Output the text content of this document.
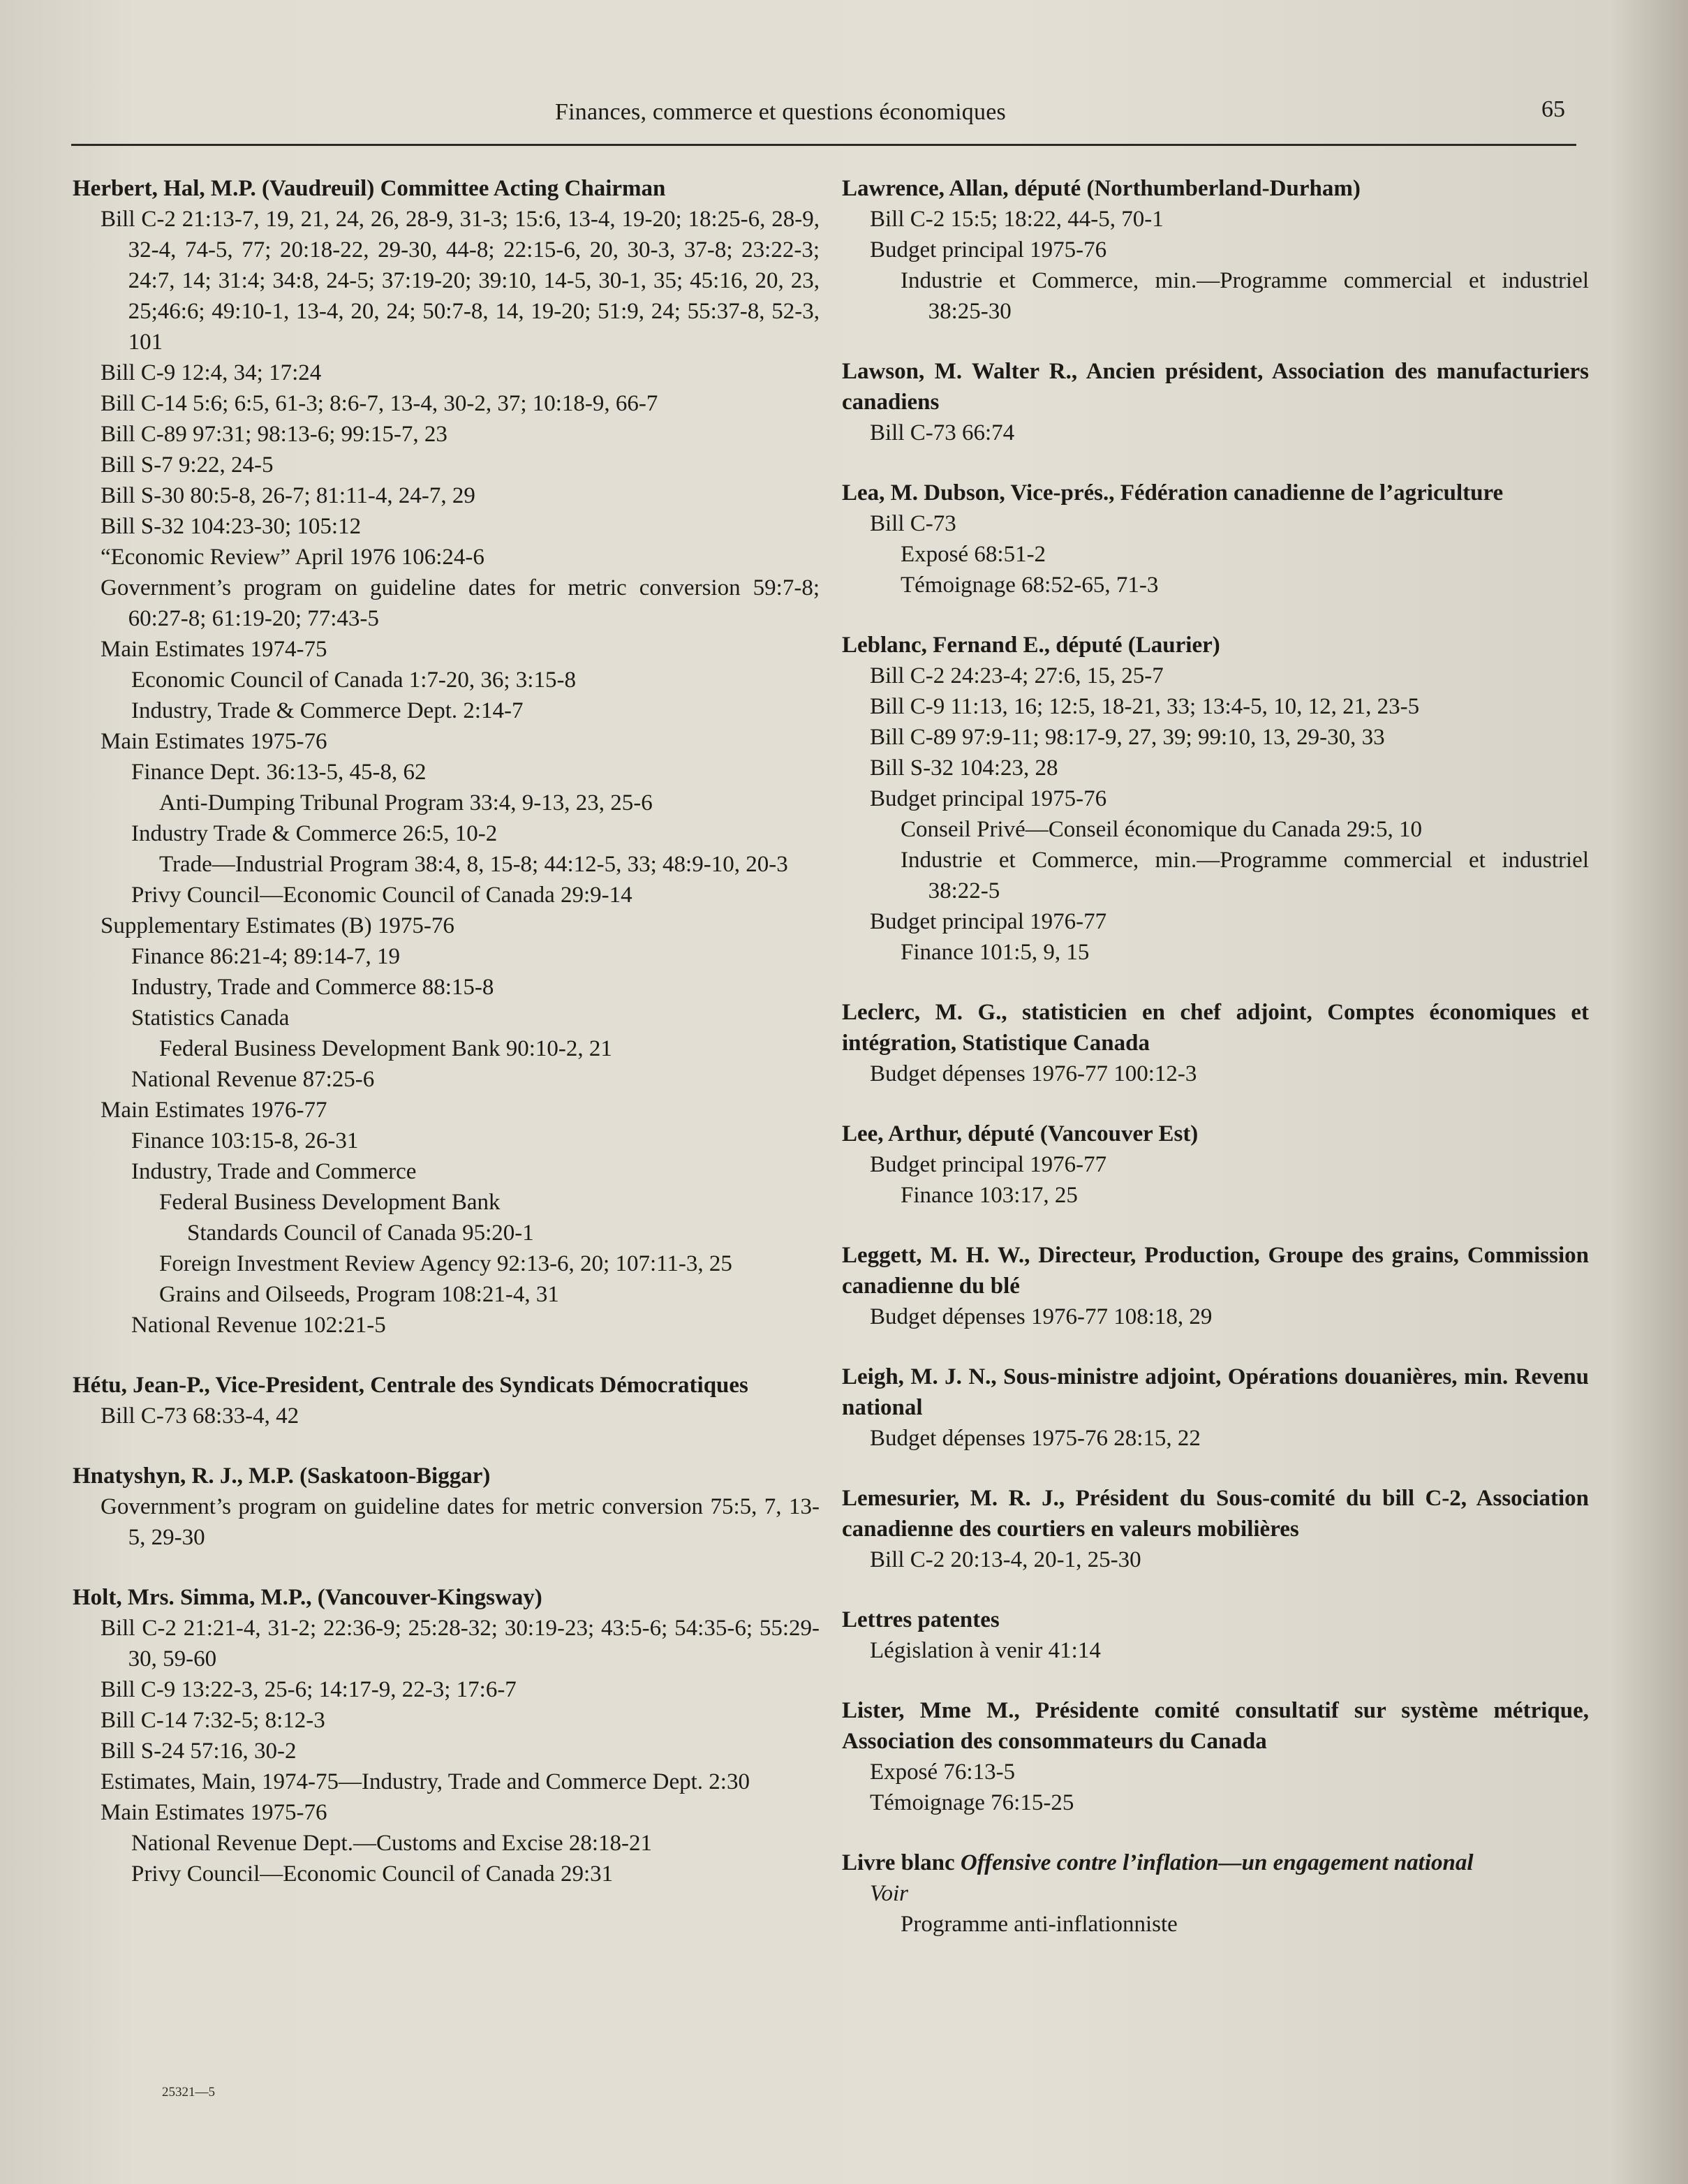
Finances, commerce et questions économiques	65
Herbert, Hal, M.P. (Vaudreuil) Committee Acting Chairman
Bill C-2 21:13-7, 19, 21, 24, 26, 28-9, 31-3; 15:6, 13-4, 19-20; 18:25-6, 28-9, 32-4, 74-5, 77; 20:18-22, 29-30, 44-8; 22:15-6, 20, 30-3, 37-8; 23:22-3; 24:7, 14; 31:4; 34:8, 24-5; 37:19-20; 39:10, 14-5, 30-1, 35; 45:16, 20, 23, 25;46:6; 49:10-1, 13-4, 20, 24; 50:7-8, 14, 19-20; 51:9, 24; 55:37-8, 52-3, 101
Bill C-9 12:4, 34; 17:24
Bill C-14 5:6; 6:5, 61-3; 8:6-7, 13-4, 30-2, 37; 10:18-9, 66-7
Bill C-89 97:31; 98:13-6; 99:15-7, 23
Bill S-7 9:22, 24-5
Bill S-30 80:5-8, 26-7; 81:11-4, 24-7, 29
Bill S-32 104:23-30; 105:12
“Economic Review” April 1976 106:24-6
Government’s program on guideline dates for metric conversion 59:7-8; 60:27-8; 61:19-20; 77:43-5
Main Estimates 1974-75
Economic Council of Canada 1:7-20, 36; 3:15-8
Industry, Trade & Commerce Dept. 2:14-7
Main Estimates 1975-76
Finance Dept. 36:13-5, 45-8, 62
Anti-Dumping Tribunal Program 33:4, 9-13, 23, 25-6
Industry Trade & Commerce 26:5, 10-2
Trade—Industrial Program 38:4, 8, 15-8; 44:12-5, 33; 48:9-10, 20-3
Privy Council—Economic Council of Canada 29:9-14
Supplementary Estimates (B) 1975-76
Finance 86:21-4; 89:14-7, 19
Industry, Trade and Commerce 88:15-8
Statistics Canada
Federal Business Development Bank 90:10-2, 21
National Revenue 87:25-6
Main Estimates 1976-77
Finance 103:15-8, 26-31
Industry, Trade and Commerce
Federal Business Development Bank
Standards Council of Canada 95:20-1
Foreign Investment Review Agency 92:13-6, 20; 107:11-3, 25
Grains and Oilseeds, Program 108:21-4, 31
National Revenue 102:21-5
Hétu, Jean-P., Vice-President, Centrale des Syndicats Démocratiques
Bill C-73 68:33-4, 42
Hnatyshyn, R. J., M.P. (Saskatoon-Biggar)
Government’s program on guideline dates for metric conversion 75:5, 7, 13-5, 29-30
Holt, Mrs. Simma, M.P., (Vancouver-Kingsway)
Bill C-2 21:21-4, 31-2; 22:36-9; 25:28-32; 30:19-23; 43:5-6; 54:35-6; 55:29-30, 59-60
Bill C-9 13:22-3, 25-6; 14:17-9, 22-3; 17:6-7
Bill C-14 7:32-5; 8:12-3
Bill S-24 57:16, 30-2
Estimates, Main, 1974-75—Industry, Trade and Commerce Dept. 2:30
Main Estimates 1975-76
National Revenue Dept.—Customs and Excise 28:18-21
Privy Council—Economic Council of Canada 29:31
Lawrence, Allan, député (Northumberland-Durham)
Bill C-2 15:5; 18:22, 44-5, 70-1
Budget principal 1975-76
Industrie et Commerce, min.—Programme commercial et industriel 38:25-30
Lawson, M. Walter R., Ancien président, Association des manufacturiers canadiens
Bill C-73 66:74
Lea, M. Dubson, Vice-prés., Fédération canadienne de l’agriculture
Bill C-73
Exposé 68:51-2
Témoignage 68:52-65, 71-3
Leblanc, Fernand E., député (Laurier)
Bill C-2 24:23-4; 27:6, 15, 25-7
Bill C-9 11:13, 16; 12:5, 18-21, 33; 13:4-5, 10, 12, 21, 23-5
Bill C-89 97:9-11; 98:17-9, 27, 39; 99:10, 13, 29-30, 33
Bill S-32 104:23, 28
Budget principal 1975-76
Conseil Privé—Conseil économique du Canada 29:5, 10
Industrie et Commerce, min.—Programme commercial et industriel 38:22-5
Budget principal 1976-77
Finance 101:5, 9, 15
Leclerc, M. G., statisticien en chef adjoint, Comptes économiques et intégration, Statistique Canada
Budget dépenses 1976-77 100:12-3
Lee, Arthur, député (Vancouver Est)
Budget principal 1976-77
Finance 103:17, 25
Leggett, M. H. W., Directeur, Production, Groupe des grains, Commission canadienne du blé
Budget dépenses 1976-77 108:18, 29
Leigh, M. J. N., Sous-ministre adjoint, Opérations douanières, min. Revenu national
Budget dépenses 1975-76 28:15, 22
Lemesurier, M. R. J., Président du Sous-comité du bill C-2, Association canadienne des courtiers en valeurs mobilières
Bill C-2 20:13-4, 20-1, 25-30
Lettres patentes
Législation à venir 41:14
Lister, Mme M., Présidente comité consultatif sur système métrique, Association des consommateurs du Canada
Exposé 76:13-5
Témoignage 76:15-25
Livre blanc Offensive contre l’inflation—un engagement national
Voir
Programme anti-inflationniste
25321—5
